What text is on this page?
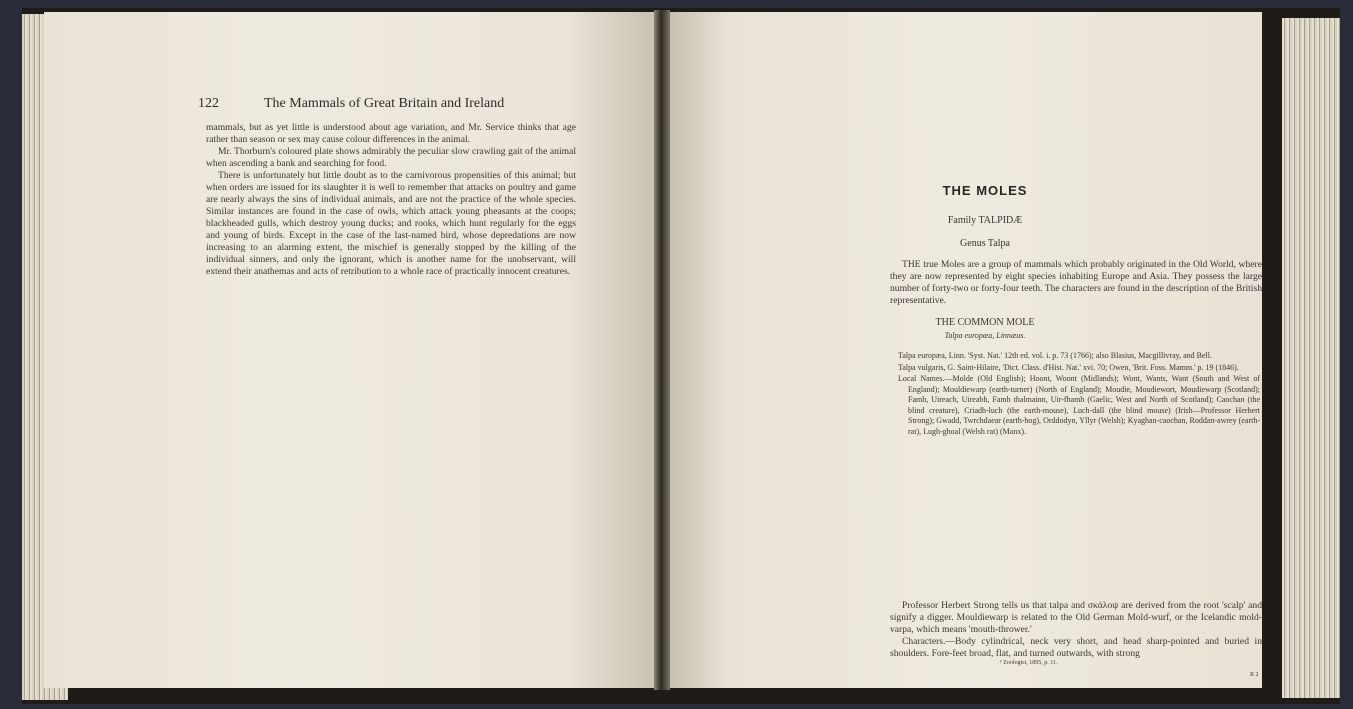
122	The Mammals of Great Britain and Ireland

mammals, but as yet little is understood about age variation, and Mr. Service thinks that age rather than season or sex may cause colour differences in the animal.

Mr. Thorburn's coloured plate shows admirably the peculiar slow crawling gait of the animal when ascending a bank and searching for food.

There is unfortunately but little doubt as to the carnivorous propensities of this animal; but when orders are issued for its slaughter it is well to remember that attacks on poultry and game are nearly always the sins of individual animals, and are not the practice of the whole species. Similar instances are found in the case of owls, which attack young pheasants at the coops; blackheaded gulls, which destroy young ducks; and rooks, which hunt regularly for the eggs and young of birds. Except in the case of the last-named bird, whose depredations are now increasing to an alarming extent, the mischief is generally stopped by the killing of the individual sinners, and only the ignorant, which is another name for the unobservant, will extend their anathemas and acts of retribution to a whole race of practically innocent creatures.

THE MOLES
Family TALPIDÆ
Genus Talpa

THE true Moles are a group of mammals which probably originated in the Old World, where they are now represented by eight species inhabiting Europe and Asia. They possess the large number of forty-two or forty-four teeth. The characters are found in the description of the British representative.

THE COMMON MOLE
Talpa europæa, Linnæus.

Talpa europæa, Linn. 'Syst. Nat.' 12th ed. vol. i. p. 73 (1766); also Blasius, Macgillivray, and Bell.

Talpa vulgaris, G. Saint-Hilaire, 'Dict. Class. d'Hist. Nat.' xvi. 70; Owen, 'Brit. Foss. Mamm.' p. 19 (1846).

Local Names.—Molde (Old English); Hoont, Woont (Midlands); Wont, Wants, Want (South and West of England); Mouldiewarp (earth-turner) (North of England); Moudie, Moudiewort, Moudiewarp (Scotland); Famh, Uireach, Uireabh, Famh thalmainn, Uir-fhamh (Gaelic, West and North of Scotland); Caochan (the blind creature), Criadh-luch (the earth-mouse), Luch-dall (the blind mouse) (Irish—Professor Herbert Strong); Gwadd, Twrchdaear (earth-hog), Orddodyn, Yllyr (Welsh); Kyaghan-caochan, Roddan-awrey (earth-rat), Lugh-ghoal (Welsh rat) (Manx).

Professor Herbert Strong tells us that talpa and σκάλοψ are derived from the root 'scalp' and signify a digger. Mouldiewarp is related to the Old German Mold-wurf, or the Icelandic mold-varpa, which means 'mouth-thrower.'

Characters.—Body cylindrical, neck very short, and head sharp-pointed and buried in shoulders. Fore-feet broad, flat, and turned outwards, with strong

¹ Zoologist, 1895, p. 11.
R 2
